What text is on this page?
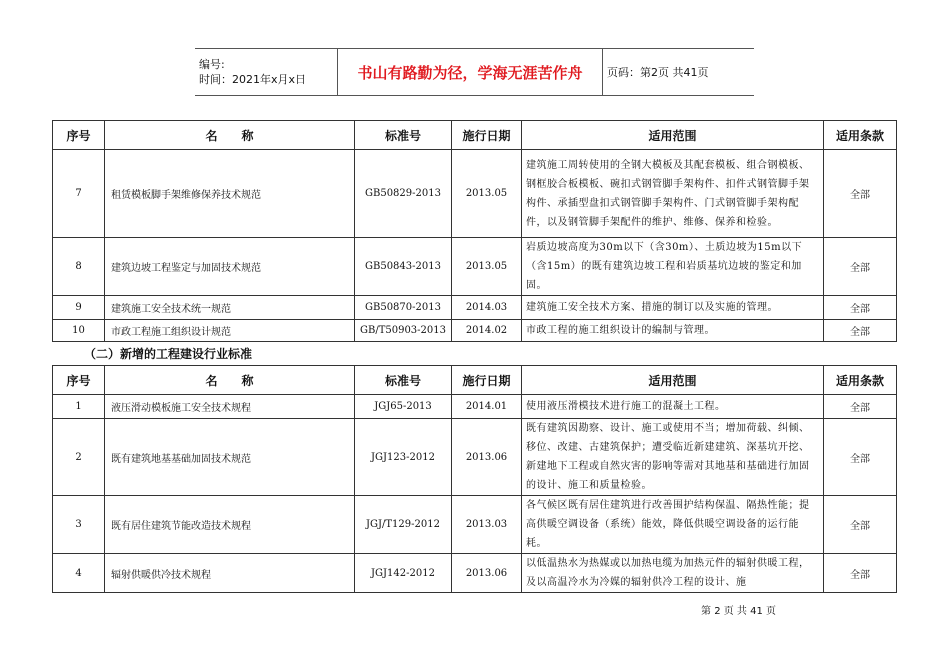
编号:
时间：2021年x月x日	书山有路勤为径，学海无涯苦作舟	页码：第2页 共41页
序号	名　　称	标准号	施行日期	适用范围	适用条款
7	租赁模板脚手架维修保养技术规范	GB50829-2013	2013.05	建筑施工周转使用的全钢大模板及其配套模板、组合钢模板、钢框胶合板模板、碗扣式钢管脚手架构件、扣件式钢管脚手架构件、承插型盘扣式钢管脚手架构件、门式钢管脚手架构配件，以及钢管脚手架配件的维护、维修、保养和检验。	全部
8	建筑边坡工程鉴定与加固技术规范	GB50843-2013	2013.05	岩质边坡高度为30m以下（含30m）、土质边坡为15m以下（含15m）的既有建筑边坡工程和岩质基坑边坡的鉴定和加固。	全部
9	建筑施工安全技术统一规范	GB50870-2013	2014.03	建筑施工安全技术方案、措施的制订以及实施的管理。	全部
10	市政工程施工组织设计规范	GB/T50903-2013	2014.02	市政工程的施工组织设计的编制与管理。	全部
（二）新增的工程建设行业标准
序号	名　　称	标准号	施行日期	适用范围	适用条款
1	液压滑动模板施工安全技术规程	JGJ65-2013	2014.01	使用液压滑模技术进行施工的混凝土工程。	全部
2	既有建筑地基基础加固技术规范	JGJ123-2012	2013.06	既有建筑因勘察、设计、施工或使用不当；增加荷载、纠倾、移位、改建、古建筑保护；遭受临近新建建筑、深基坑开挖、新建地下工程或自然灾害的影响等需对其地基和基础进行加固的设计、施工和质量检验。	全部
3	既有居住建筑节能改造技术规程	JGJ/T129-2012	2013.03	各气候区既有居住建筑进行改善围护结构保温、隔热性能；提高供暖空调设备（系统）能效，降低供暖空调设备的运行能耗。	全部
4	辐射供暖供冷技术规程	JGJ142-2012	2013.06	以低温热水为热媒或以加热电缆为加热元件的辐射供暖工程，及以高温冷水为冷媒的辐射供冷工程的设计、施	全部
第 2 页 共 41 页
